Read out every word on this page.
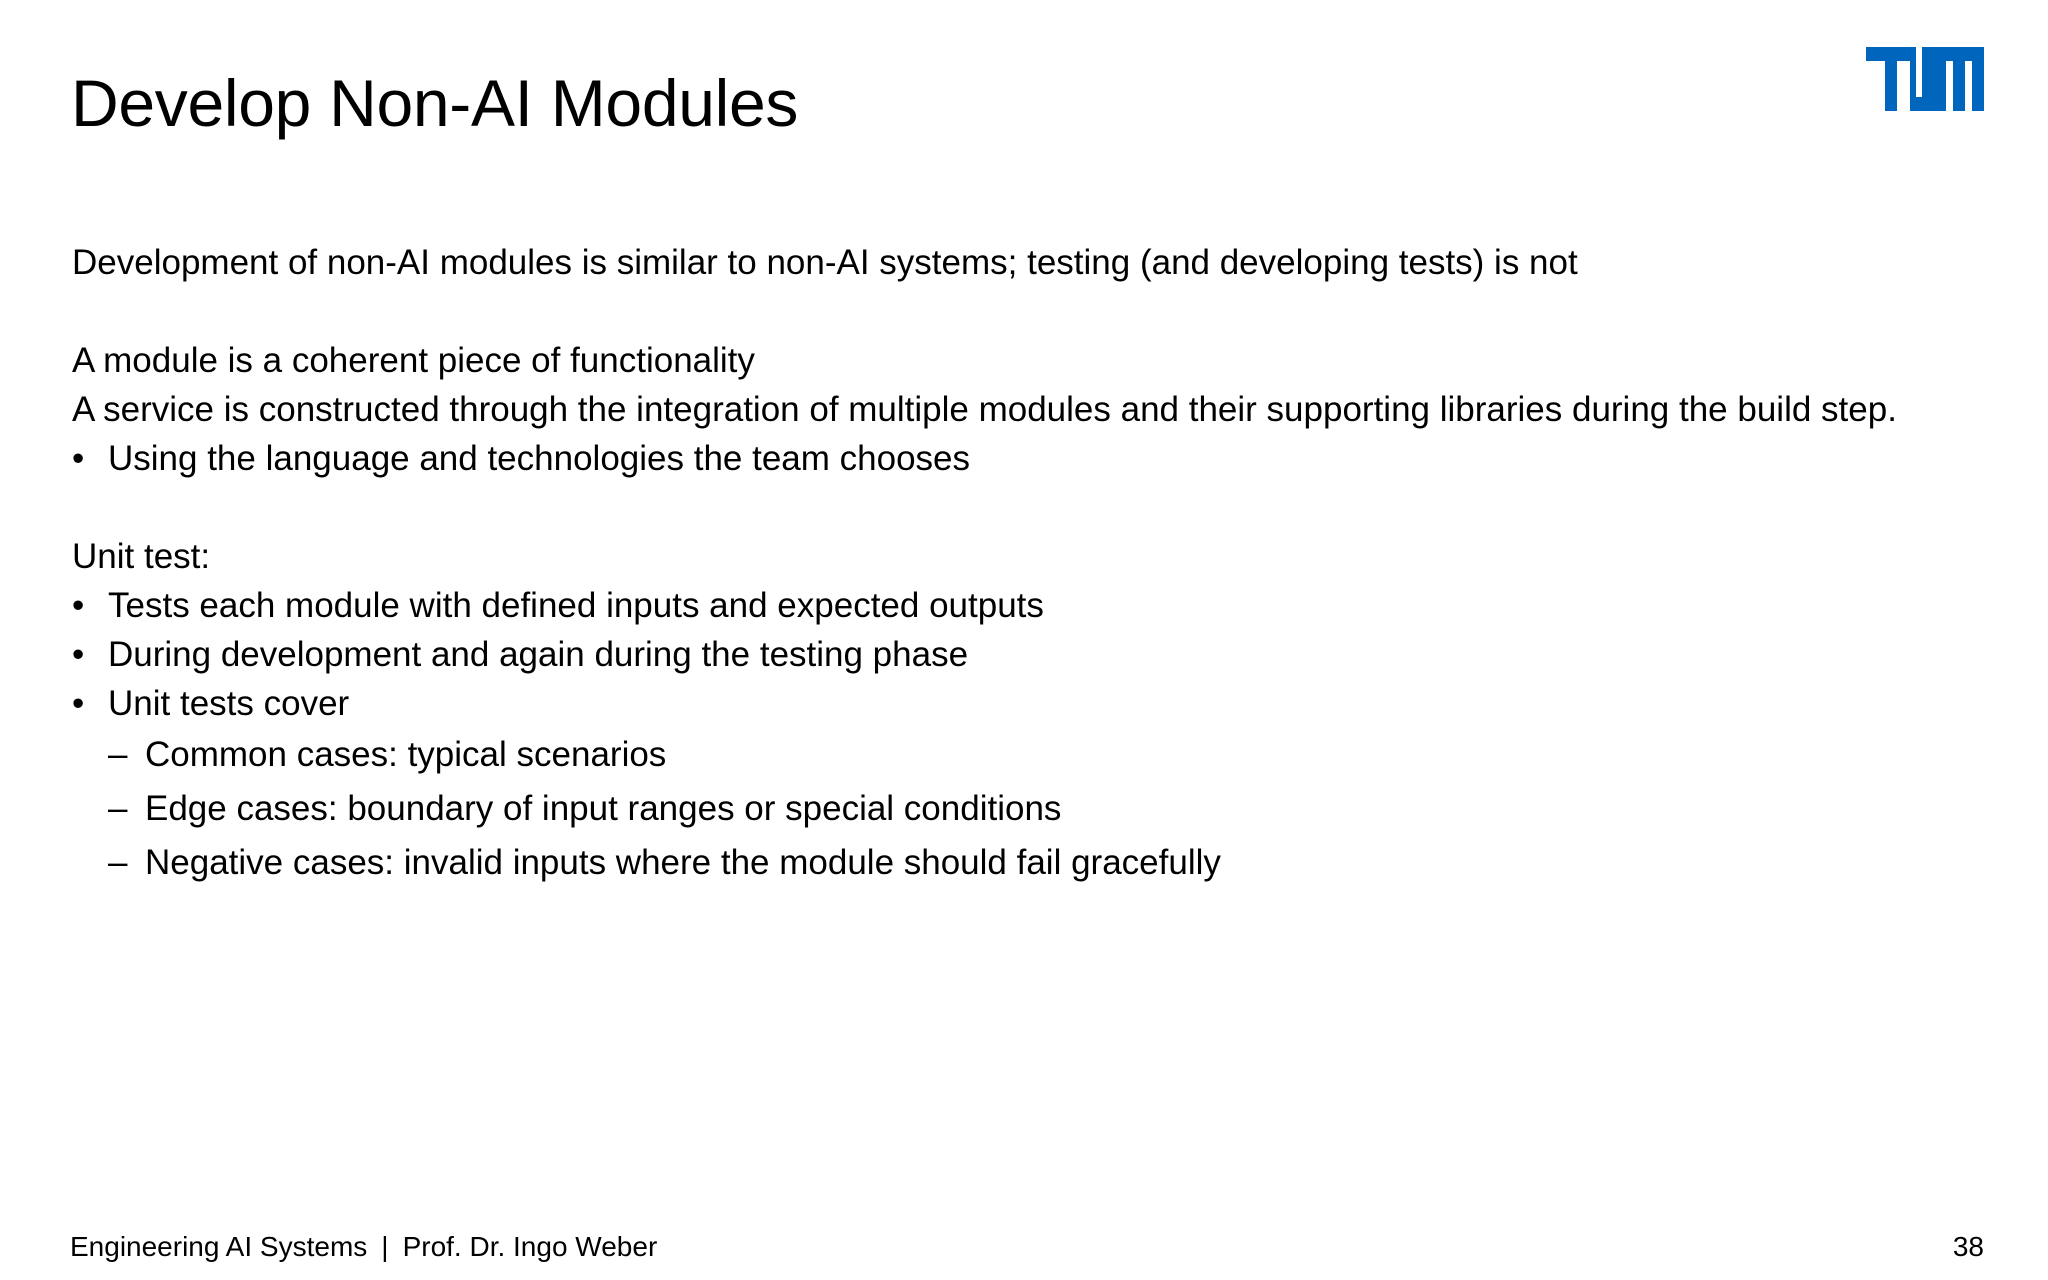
Develop Non-AI Modules
Development of non-AI modules is similar to non-AI systems; testing (and developing tests) is not
A module is a coherent piece of functionality
A service is constructed through the integration of multiple modules and their supporting libraries during the build step.
• Using the language and technologies the team chooses
Unit test:
• Tests each module with defined inputs and expected outputs
• During development and again during the testing phase
• Unit tests cover
– Common cases: typical scenarios
– Edge cases: boundary of input ranges or special conditions
– Negative cases: invalid inputs where the module should fail gracefully
Engineering AI Systems | Prof. Dr. Ingo Weber	38
